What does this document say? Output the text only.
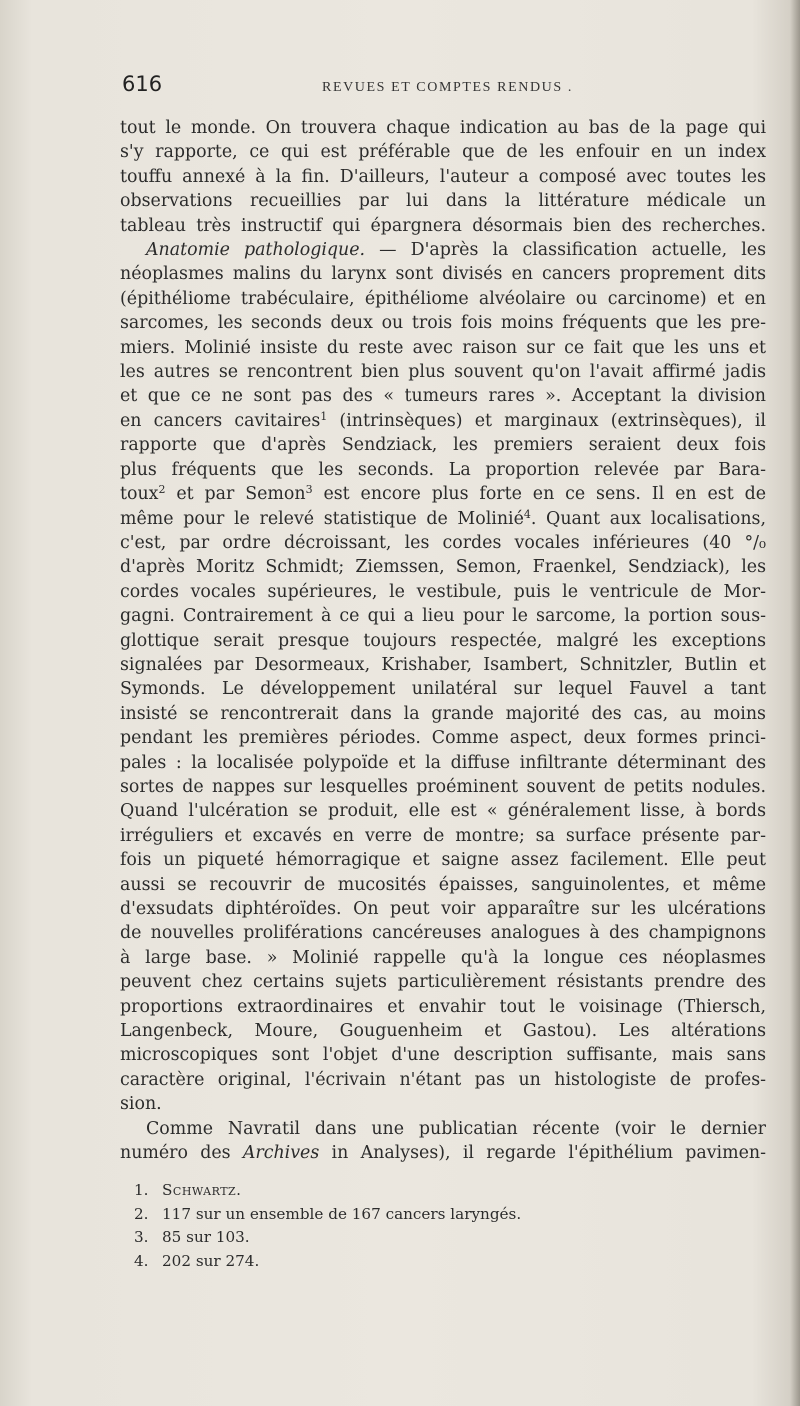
616	REVUES ET COMPTES RENDUS .
tout le monde. On trouvera chaque indication au bas de la page qui
s'y rapporte, ce qui est préférable que de les enfouir en un index
touffu annexé à la fin. D'ailleurs, l'auteur a composé avec toutes les
observations recueillies par lui dans la littérature médicale un
tableau très instructif qui épargnera désormais bien des recherches.
Anatomie pathologique. — D'après la classification actuelle, les
néoplasmes malins du larynx sont divisés en cancers proprement dits
(épithéliome trabéculaire, épithéliome alvéolaire ou carcinome) et en
sarcomes, les seconds deux ou trois fois moins fréquents que les pre-
miers. Molinié insiste du reste avec raison sur ce fait que les uns et
les autres se rencontrent bien plus souvent qu'on l'avait affirmé jadis
et que ce ne sont pas des « tumeurs rares ». Acceptant la division
en cancers cavitaires$^1$ (intrinsèques) et marginaux (extrinsèques), il
rapporte que d'après Sendziack, les premiers seraient deux fois
plus fréquents que les seconds. La proportion relevée par Bara-
toux$^2$ et par Semon$^3$ est encore plus forte en ce sens. Il en est de
même pour le relevé statistique de Molinié$^4$. Quant aux localisations,
c'est, par ordre décroissant, les cordes vocales inférieures (40 °/₀
d'après Moritz Schmidt; Ziemssen, Semon, Fraenkel, Sendziack), les
cordes vocales supérieures, le vestibule, puis le ventricule de Mor-
gagni. Contrairement à ce qui a lieu pour le sarcome, la portion sous-
glottique serait presque toujours respectée, malgré les exceptions
signalées par Desormeaux, Krishaber, Isambert, Schnitzler, Butlin et
Symonds. Le développement unilatéral sur lequel Fauvel a tant
insisté se rencontrerait dans la grande majorité des cas, au moins
pendant les premières périodes. Comme aspect, deux formes princi-
pales : la localisée polypoïde et la diffuse infiltrante déterminant des
sortes de nappes sur lesquelles proéminent souvent de petits nodules.
Quand l'ulcération se produit, elle est « généralement lisse, à bords
irréguliers et excavés en verre de montre; sa surface présente par-
fois un piqueté hémorragique et saigne assez facilement. Elle peut
aussi se recouvrir de mucosités épaisses, sanguinolentes, et même
d'exsudats diphtéroïdes. On peut voir apparaître sur les ulcérations
de nouvelles proliférations cancéreuses analogues à des champignons
à large base. » Molinié rappelle qu'à la longue ces néoplasmes
peuvent chez certains sujets particulièrement résistants prendre des
proportions extraordinaires et envahir tout le voisinage (Thiersch,
Langenbeck, Moure, Gouguenheim et Gastou). Les altérations
microscopiques sont l'objet d'une description suffisante, mais sans
caractère original, l'écrivain n'étant pas un histologiste de profes-
sion.
Comme Navratil dans une publicatian récente (voir le dernier
numéro des Archives in Analyses), il regarde l'épithélium pavimen-
1. Schwartz.
2. 117 sur un ensemble de 167 cancers laryngés.
3. 85 sur 103.
4. 202 sur 274.
